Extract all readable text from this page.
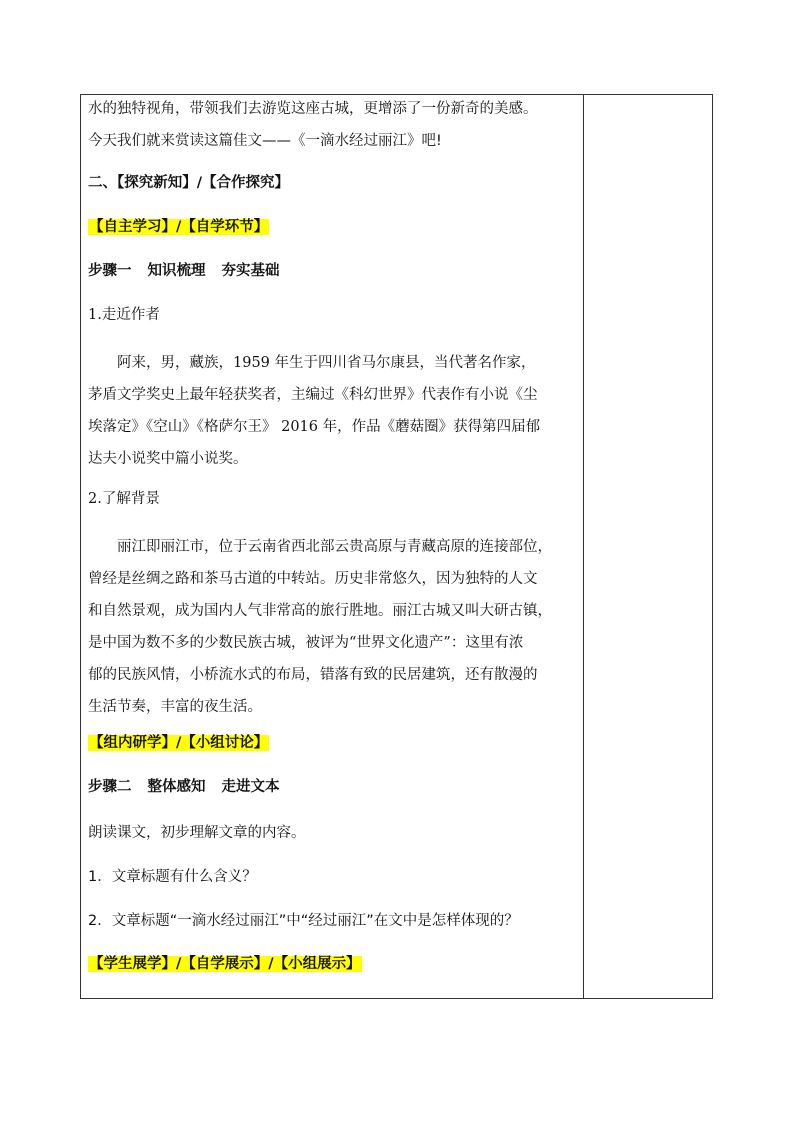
水的独特视角，带领我们去游览这座古城，更增添了一份新奇的美感。
今天我们就来赏读这篇佳文——《一滴水经过丽江》吧!
二、【探究新知】/【合作探究】
【自主学习】/【自学环节】
步骤一 知识梳理 夯实基础
1.走近作者
阿来，男，藏族，1959 年生于四川省马尔康县，当代著名作家，
茅盾文学奖史上最年轻获奖者，主编过《科幻世界》代表作有小说《尘
埃落定》《空山》《格萨尔王》 2016 年，作品《蘑菇圈》获得第四届郁
达夫小说奖中篇小说奖。
2.了解背景
丽江即丽江市，位于云南省西北部云贵高原与青藏高原的连接部位，
曾经是丝绸之路和茶马古道的中转站。历史非常悠久，因为独特的人文
和自然景观，成为国内人气非常高的旅行胜地。丽江古城又叫大研古镇，
是中国为数不多的少数民族古城，被评为“世界文化遗产”：这里有浓
郁的民族风情，小桥流水式的布局，错落有致的民居建筑，还有散漫的
生活节奏，丰富的夜生活。
【组内研学】/【小组讨论】
步骤二 整体感知 走进文本
朗读课文，初步理解文章的内容。
1．文章标题有什么含义？
2．文章标题“一滴水经过丽江”中“经过丽江”在文中是怎样体现的？
【学生展学】/【自学展示】/【小组展示】
